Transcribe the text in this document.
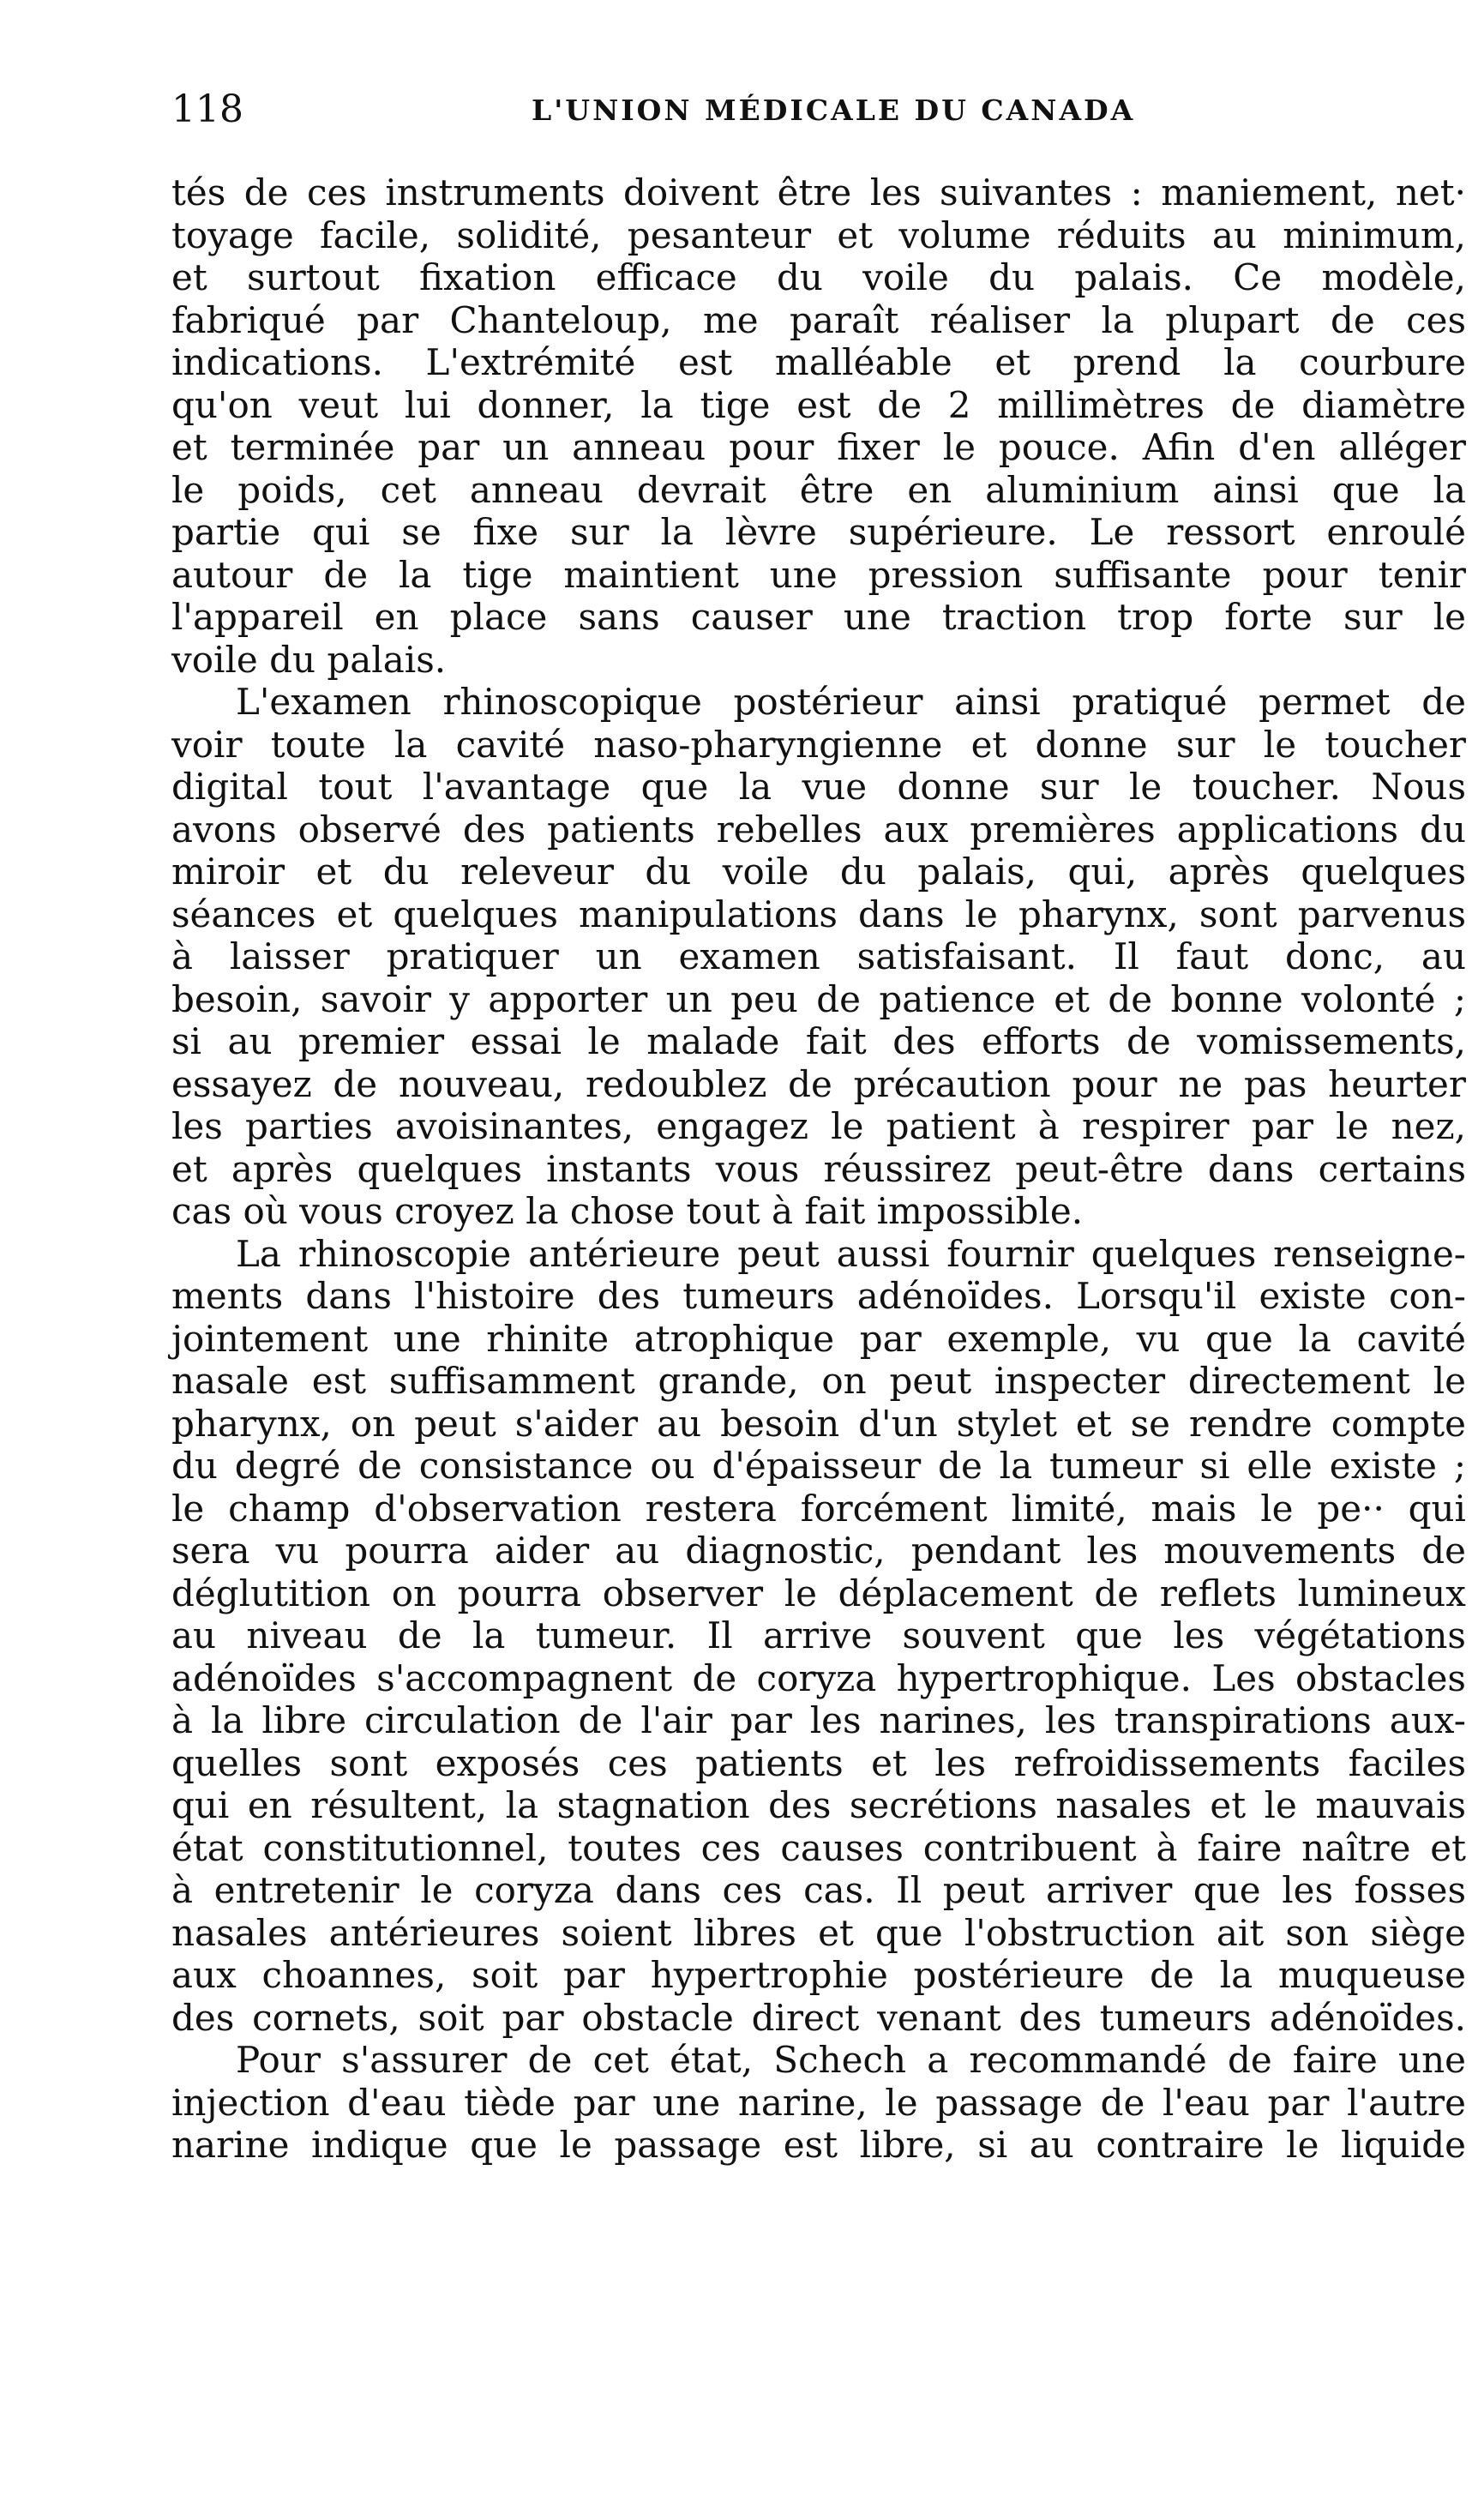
118	L'UNION MÉDICALE DU CANADA
tés de ces instruments doivent être les suivantes : maniement, net·
toyage facile, solidité, pesanteur et volume réduits au minimum,
et surtout fixation efficace du voile du palais. Ce modèle,
fabriqué par Chanteloup, me paraît réaliser la plupart de ces
indications. L'extrémité est malléable et prend la courbure
qu'on veut lui donner, la tige est de 2 millimètres de diamètre
et terminée par un anneau pour fixer le pouce. Afin d'en alléger
le poids, cet anneau devrait être en aluminium ainsi que la
partie qui se fixe sur la lèvre supérieure. Le ressort enroulé
autour de la tige maintient une pression suffisante pour tenir
l'appareil en place sans causer une traction trop forte sur le
voile du palais.
L'examen rhinoscopique postérieur ainsi pratiqué permet de
voir toute la cavité naso-pharyngienne et donne sur le toucher
digital tout l'avantage que la vue donne sur le toucher. Nous
avons observé des patients rebelles aux premières applications du
miroir et du releveur du voile du palais, qui, après quelques
séances et quelques manipulations dans le pharynx, sont parvenus
à laisser pratiquer un examen satisfaisant. Il faut donc, au
besoin, savoir y apporter un peu de patience et de bonne volonté ;
si au premier essai le malade fait des efforts de vomissements,
essayez de nouveau, redoublez de précaution pour ne pas heurter
les parties avoisinantes, engagez le patient à respirer par le nez,
et après quelques instants vous réussirez peut-être dans certains
cas où vous croyez la chose tout à fait impossible.
La rhinoscopie antérieure peut aussi fournir quelques renseigne-
ments dans l'histoire des tumeurs adénoïdes. Lorsqu'il existe con-
jointement une rhinite atrophique par exemple, vu que la cavité
nasale est suffisamment grande, on peut inspecter directement le
pharynx, on peut s'aider au besoin d'un stylet et se rendre compte
du degré de consistance ou d'épaisseur de la tumeur si elle existe ;
le champ d'observation restera forcément limité, mais le pe·· qui
sera vu pourra aider au diagnostic, pendant les mouvements de
déglutition on pourra observer le déplacement de reflets lumineux
au niveau de la tumeur. Il arrive souvent que les végétations
adénoïdes s'accompagnent de coryza hypertrophique. Les obstacles
à la libre circulation de l'air par les narines, les transpirations aux-
quelles sont exposés ces patients et les refroidissements faciles
qui en résultent, la stagnation des secrétions nasales et le mauvais
état constitutionnel, toutes ces causes contribuent à faire naître et
à entretenir le coryza dans ces cas. Il peut arriver que les fosses
nasales antérieures soient libres et que l'obstruction ait son siège
aux choannes, soit par hypertrophie postérieure de la muqueuse
des cornets, soit par obstacle direct venant des tumeurs adénoïdes.
Pour s'assurer de cet état, Schech a recommandé de faire une
injection d'eau tiède par une narine, le passage de l'eau par l'autre
narine indique que le passage est libre, si au contraire le liquide
